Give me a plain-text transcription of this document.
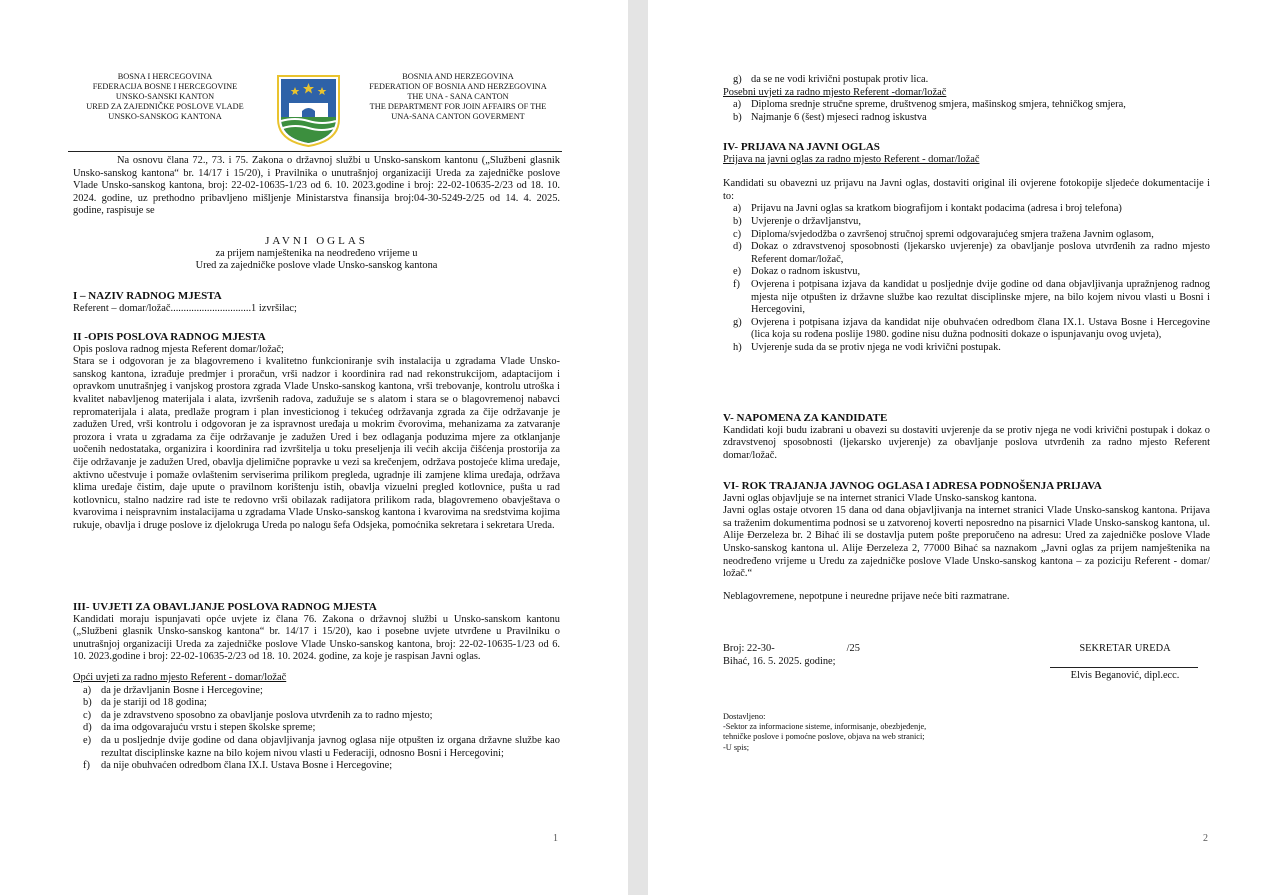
BOSNA I HERCEGOVINA
FEDERACIJA BOSNE I HERCEGOVINE
UNSKO-SANSKI KANTON
URED ZA ZAJEDNIČKE POSLOVE VLADE
UNSKO-SANSKOG KANTONA

Na osnovu člana 72., 73. i 75. Zakona o državnoj službi u Unsko-sanskom kantonu („Službeni glasnik Unsko-sanskog kantona“ br. 14/17 i 15/20), i Pravilnika o unutrašnjoj organizaciji Ureda za zajedničke poslove Vlade Unsko-sanskog kantona, broj: 22-02-10635-1/23 od 6. 10. 2023.godine i broj: 22-02-10635-2/23 od 18. 10. 2024. godine, uz prethodno pribavljeno mišljenje Ministarstva finansija broj:04-30-5249-2/25 od 14. 4. 2025. godine, raspisuje se

JAVNI OGLAS

za prijem namještenika na neodređeno vrijeme u

Ured za zajedničke poslove vlade Unsko-sanskog kantona

I – NAZIV RADNOG MJESTA

Referent – domar/ložač...............................1 izvršilac;

II -OPIS POSLOVA RADNOG MJESTA

Opis poslova radnog mjesta Referent domar/ložač;

Stara se i odgovoran je za blagovremeno i kvalitetno funkcioniranje svih instalacija u zgradama Vlade Unsko-sanskog kantona, izrađuje predmjer i proračun, vrši nadzor i koordinira rad nad rekonstrukcijom, adaptacijom i opravkom unutrašnjeg i vanjskog prostora zgrada Vlade Unsko-sanskog kantona, vrši trebovanje, kontrolu utroška i kvalitet nabavljenog materijala i alata, izvršenih radova, zadužuje se s alatom i stara se o blagovremenoj nabavci repromaterijala i alata, predlaže program i plan investicionog i tekućeg održavanja zgrada za čije održavanje je zadužen Ured, vrši kontrolu i odgovoran je za ispravnost uređaja u mokrim čvorovima, mehanizama za zatvaranje prozora i vrata u zgradama za čije održavanje je zadužen Ured i bez odlaganja poduzima mjere za otklanjanje uočenih nedostataka, organizira i koordinira rad izvršitelja u toku preseljenja ili većih akcija čišćenja prostorija za čije održavanje je zadužen Ured, obavlja djelimične popravke u vezi sa krečenjem, održava postojeće klima uređaje, aktivno učestvuje i pomaže ovlaštenim serviserima prilikom pregleda, ugradnje ili zamjene klima uređaja, održava klima uređaje čistim, daje upute o pravilnom korištenju istih, obavlja vizuelni pregled kotlovnice, pušta u rad kotlovnicu, stalno nadzire rad iste te redovno vrši obilazak radijatora prilikom rada, blagovremeno obavještava o kvarovima i neispravnim instalacijama u zgradama Vlade Unsko-sanskog kantona i kvarovima na sredstvima kojima rukuje, obavlja i druge poslove iz djelokruga Ureda po nalogu šefa Odsjeka, pomoćnika sekretara i sekretara Ureda.

III- UVJETI ZA OBAVLJANJE POSLOVA RADNOG MJESTA

Kandidati moraju ispunjavati opće uvjete iz člana 76. Zakona o državnoj službi u Unsko-sanskom kantonu („Službeni glasnik Unsko-sanskog kantona“ br. 14/17 i 15/20), kao i posebne uvjete utvrđene u Pravilniku o unutrašnjoj organizaciji Ureda za zajedničke poslove Vlade Unsko-sanskog kantona, broj: 22-02-10635-1/23 od 6. 10. 2023.godine i broj: 22-02-10635-2/23 od 18. 10. 2024. godine, za koje je raspisan Javni oglas.

Opći uvjeti za radno mjesto Referent - domar/ložač

a) da je državljanin Bosne i Hercegovine;
b) da je stariji od 18 godina;
c) da je zdravstveno sposobno za obavljanje poslova utvrđenih za to radno mjesto;
d) da ima odgovarajuću vrstu i stepen školske spreme;
e) da u posljednje dvije godine od dana objavljivanja javnog oglasa nije otpušten iz organa državne službe kao rezultat disciplinske kazne na bilo kojem nivou vlasti u Federaciji, odnosno Bosni i Hercegovini;
f)	da nije obuhvaćen odredbom člana IX.I. Ustava Bosne i Hercegovine;
1
g) da se ne vodi krivični postupak protiv lica.

Posebni uvjeti za radno mjesto Referent -domar/ložač

a) Diploma srednje stručne spreme, društvenog smjera, mašinskog smjera, tehničkog smjera,
b) Najmanje 6 (šest) mjeseci radnog iskustva

IV- PRIJAVA NA JAVNI OGLAS

Prijava na javni oglas za radno mjesto Referent - domar/ložač

Kandidati su obavezni uz prijavu na Javni oglas, dostaviti original ili ovjerene fotokopije sljedeće dokumentacije i to:

a) Prijavu na Javni oglas sa kratkom biografijom i kontakt podacima (adresa i broj telefona)
b) Uvjerenje o državljanstvu,
c) Diploma/svjedodžba o završenoj stručnoj spremi odgovarajućeg smjera tražena Javnim oglasom,
d) Dokaz o zdravstvenoj sposobnosti (ljekarsko uvjerenje) za obavljanje poslova utvrđenih za radno mjesto Referent domar/ložač,
e) Dokaz o radnom iskustvu,
f)	Ovjerena i potpisana izjava da kandidat u posljednje dvije godine od dana objavljivanja upražnjenog radnog mjesta nije otpušten iz državne službe kao rezultat disciplinske mjere, na bilo kojem nivou vlasti u Bosni i Hercegovini,
g) Ovjerena i potpisana izjava da kandidat nije obuhvaćen odredbom člana IX.1. Ustava Bosne i Hercegovine (lica koja su rođena poslije 1980. godine nisu dužna podnositi dokaze o ispunjavanju ovog uvjeta),
h) Uvjerenje suda da se protiv njega ne vodi krivični postupak.

V- NAPOMENA ZA KANDIDATE

Kandidati koji budu izabrani u obavezi su dostaviti uvjerenje da se protiv njega ne vodi krivični postupak i dokaz o zdravstvenoj sposobnosti (ljekarsko uvjerenje) za obavljanje poslova utvrđenih za radno mjesto Referent domar/ložač.

VI- ROK TRAJANJA JAVNOG OGLASA I ADRESA PODNOŠENJA PRIJAVA

Javni oglas objavljuje se na internet stranici Vlade Unsko-sanskog kantona.

Javni oglas ostaje otvoren 15 dana od dana objavljivanja na internet stranici Vlade Unsko-sanskog kantona. Prijava sa traženim dokumentima podnosi se u zatvorenoj koverti neposredno na pisarnici Vlade Unsko-sanskog kantona, ul. Alije Đerzeleza br. 2 Bihać ili se dostavlja putem pošte preporučeno na adresu: Ured za zajedničke poslove Vlade Unsko-sanskog kantona ul. Alije Đerzeleza 2, 77000 Bihać sa naznakom „Javni oglas za prijem namještenika na neodređeno vrijeme u Uredu za zajedničke poslove Vlade Unsko-sanskog kantona – za poziciju Referent - domar/ ložač.“

Neblagovremene, nepotpune i neuredne prijave neće biti razmatrane.

Broj: 22-30-	/25

Bihać, 16. 5. 2025. godine;

SEKRETAR UREDA

Elvis Beganović, dipl.ecc.

Dostavljeno:
-Sektor za informacione sisteme, informisanje, obezbjeđenje,
tehničke poslove i pomoćne poslove, objava na web stranici;
-U spis;
2
BOSNIA AND HERZEGOVINA
FEDERATION OF BOSNIA AND HERZEGOVINA
THE UNA - SANA CANTON
THE DEPARTMENT FOR JOIN AFFAIRS OF THE
UNA-SANA CANTON GOVERMENT
